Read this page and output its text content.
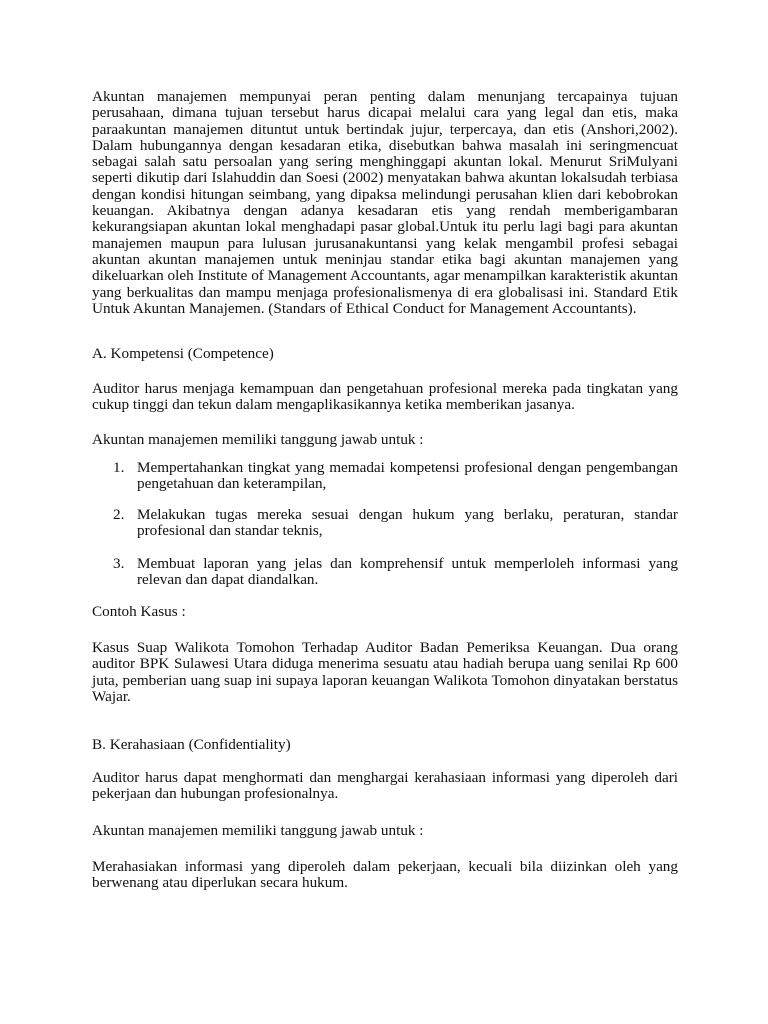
Akuntan manajemen mempunyai peran penting dalam menunjang tercapainya tujuan perusahaan, dimana tujuan tersebut harus dicapai melalui cara yang legal dan etis, maka paraakuntan manajemen dituntut untuk bertindak jujur, terpercaya, dan etis (Anshori,2002). Dalam hubungannya dengan kesadaran etika, disebutkan bahwa masalah ini seringmencuat sebagai salah satu persoalan yang sering menghinggapi akuntan lokal. Menurut SriMulyani seperti dikutip dari Islahuddin dan Soesi (2002) menyatakan bahwa akuntan lokalsudah terbiasa dengan kondisi hitungan seimbang, yang dipaksa melindungi perusahan klien dari kebobrokan keuangan. Akibatnya dengan adanya kesadaran etis yang rendah memberigambaran kekurangsiapan akuntan lokal menghadapi pasar global.Untuk itu perlu lagi bagi para akuntan manajemen maupun para lulusan jurusanakuntansi yang kelak mengambil profesi sebagai akuntan akuntan manajemen untuk meninjau standar etika bagi akuntan manajemen yang dikeluarkan oleh Institute of Management Accountants, agar menampilkan karakteristik akuntan yang berkualitas dan mampu menjaga profesionalismenya di era globalisasi ini. Standard Etik Untuk Akuntan Manajemen. (Standars of Ethical Conduct for Management Accountants).

A. Kompetensi (Competence)

Auditor harus menjaga kemampuan dan pengetahuan profesional mereka pada tingkatan yang cukup tinggi dan tekun dalam mengaplikasikannya ketika memberikan jasanya.

Akuntan manajemen memiliki tanggung jawab untuk :

1. Mempertahankan tingkat yang memadai kompetensi profesional dengan pengembangan pengetahuan dan keterampilan,
2. Melakukan tugas mereka sesuai dengan hukum yang berlaku, peraturan, standar profesional dan standar teknis,
3. Membuat laporan yang jelas dan komprehensif untuk memperloleh informasi yang relevan dan dapat diandalkan.

Contoh Kasus :

Kasus Suap Walikota Tomohon Terhadap Auditor Badan Pemeriksa Keuangan. Dua orang auditor BPK Sulawesi Utara diduga menerima sesuatu atau hadiah berupa uang senilai Rp 600 juta, pemberian uang suap ini supaya laporan keuangan Walikota Tomohon dinyatakan berstatus Wajar.

B. Kerahasiaan (Confidentiality)

Auditor harus dapat menghormati dan menghargai kerahasiaan informasi yang diperoleh dari pekerjaan dan hubungan profesionalnya.

Akuntan manajemen memiliki tanggung jawab untuk :

Merahasiakan informasi yang diperoleh dalam pekerjaan, kecuali bila diizinkan oleh yang berwenang atau diperlukan secara hukum.
